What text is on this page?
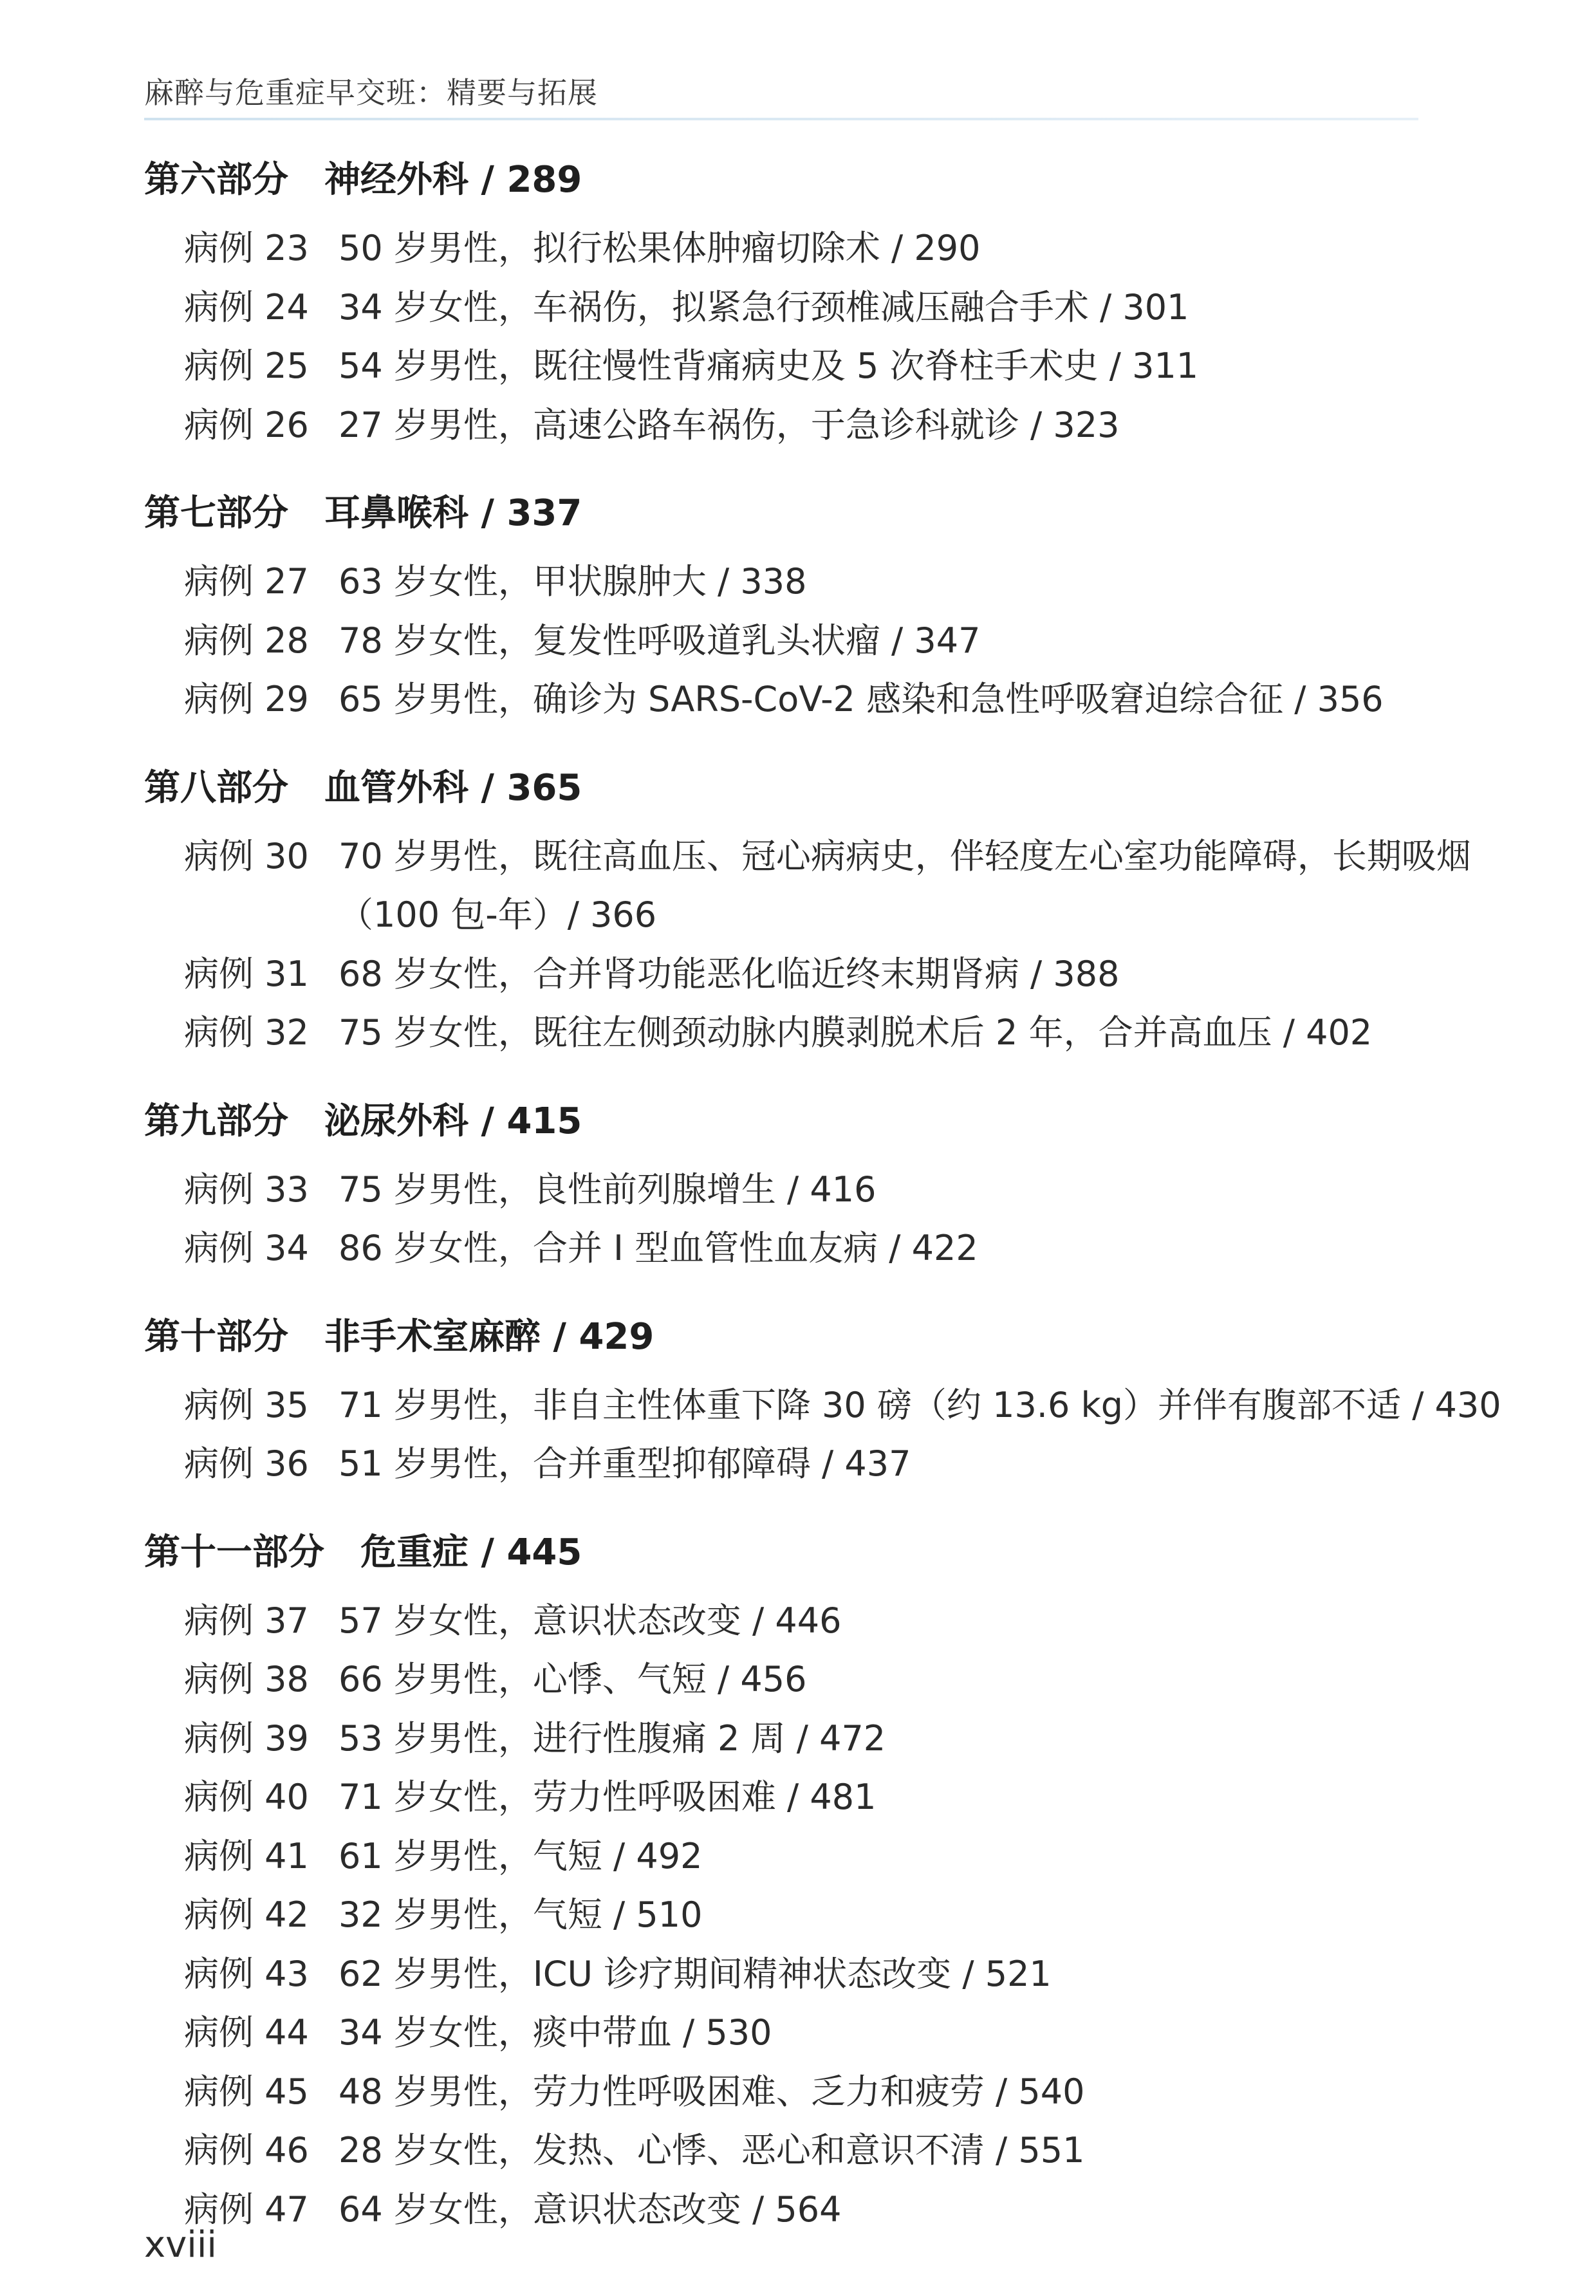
麻醉与危重症早交班：精要与拓展
第六部分 神经外科 / 289
病例 23 50 岁男性，拟行松果体肿瘤切除术 / 290
病例 24 34 岁女性，车祸伤，拟紧急行颈椎减压融合手术 / 301
病例 25 54 岁男性，既往慢性背痛病史及 5 次脊柱手术史 / 311
病例 26 27 岁男性，高速公路车祸伤，于急诊科就诊 / 323
第七部分 耳鼻喉科 / 337
病例 27 63 岁女性，甲状腺肿大 / 338
病例 28 78 岁女性，复发性呼吸道乳头状瘤 / 347
病例 29 65 岁男性，确诊为 SARS-CoV-2 感染和急性呼吸窘迫综合征 / 356
第八部分 血管外科 / 365
病例 30 70 岁男性，既往高血压、冠心病病史，伴轻度左心室功能障碍，长期吸烟（100 包-年）/ 366
病例 31 68 岁女性，合并肾功能恶化临近终末期肾病 / 388
病例 32 75 岁女性，既往左侧颈动脉内膜剥脱术后 2 年，合并高血压 / 402
第九部分 泌尿外科 / 415
病例 33 75 岁男性，良性前列腺增生 / 416
病例 34 86 岁女性，合并 Ⅰ 型血管性血友病 / 422
第十部分 非手术室麻醉 / 429
病例 35 71 岁男性，非自主性体重下降 30 磅（约 13.6 kg）并伴有腹部不适 / 430
病例 36 51 岁男性，合并重型抑郁障碍 / 437
第十一部分 危重症 / 445
病例 37 57 岁女性，意识状态改变 / 446
病例 38 66 岁男性，心悸、气短 / 456
病例 39 53 岁男性，进行性腹痛 2 周 / 472
病例 40 71 岁女性，劳力性呼吸困难 / 481
病例 41 61 岁男性，气短 / 492
病例 42 32 岁男性，气短 / 510
病例 43 62 岁男性，ICU 诊疗期间精神状态改变 / 521
病例 44 34 岁女性，痰中带血 / 530
病例 45 48 岁男性，劳力性呼吸困难、乏力和疲劳 / 540
病例 46 28 岁女性，发热、心悸、恶心和意识不清 / 551
病例 47 64 岁女性，意识状态改变 / 564
xviii
